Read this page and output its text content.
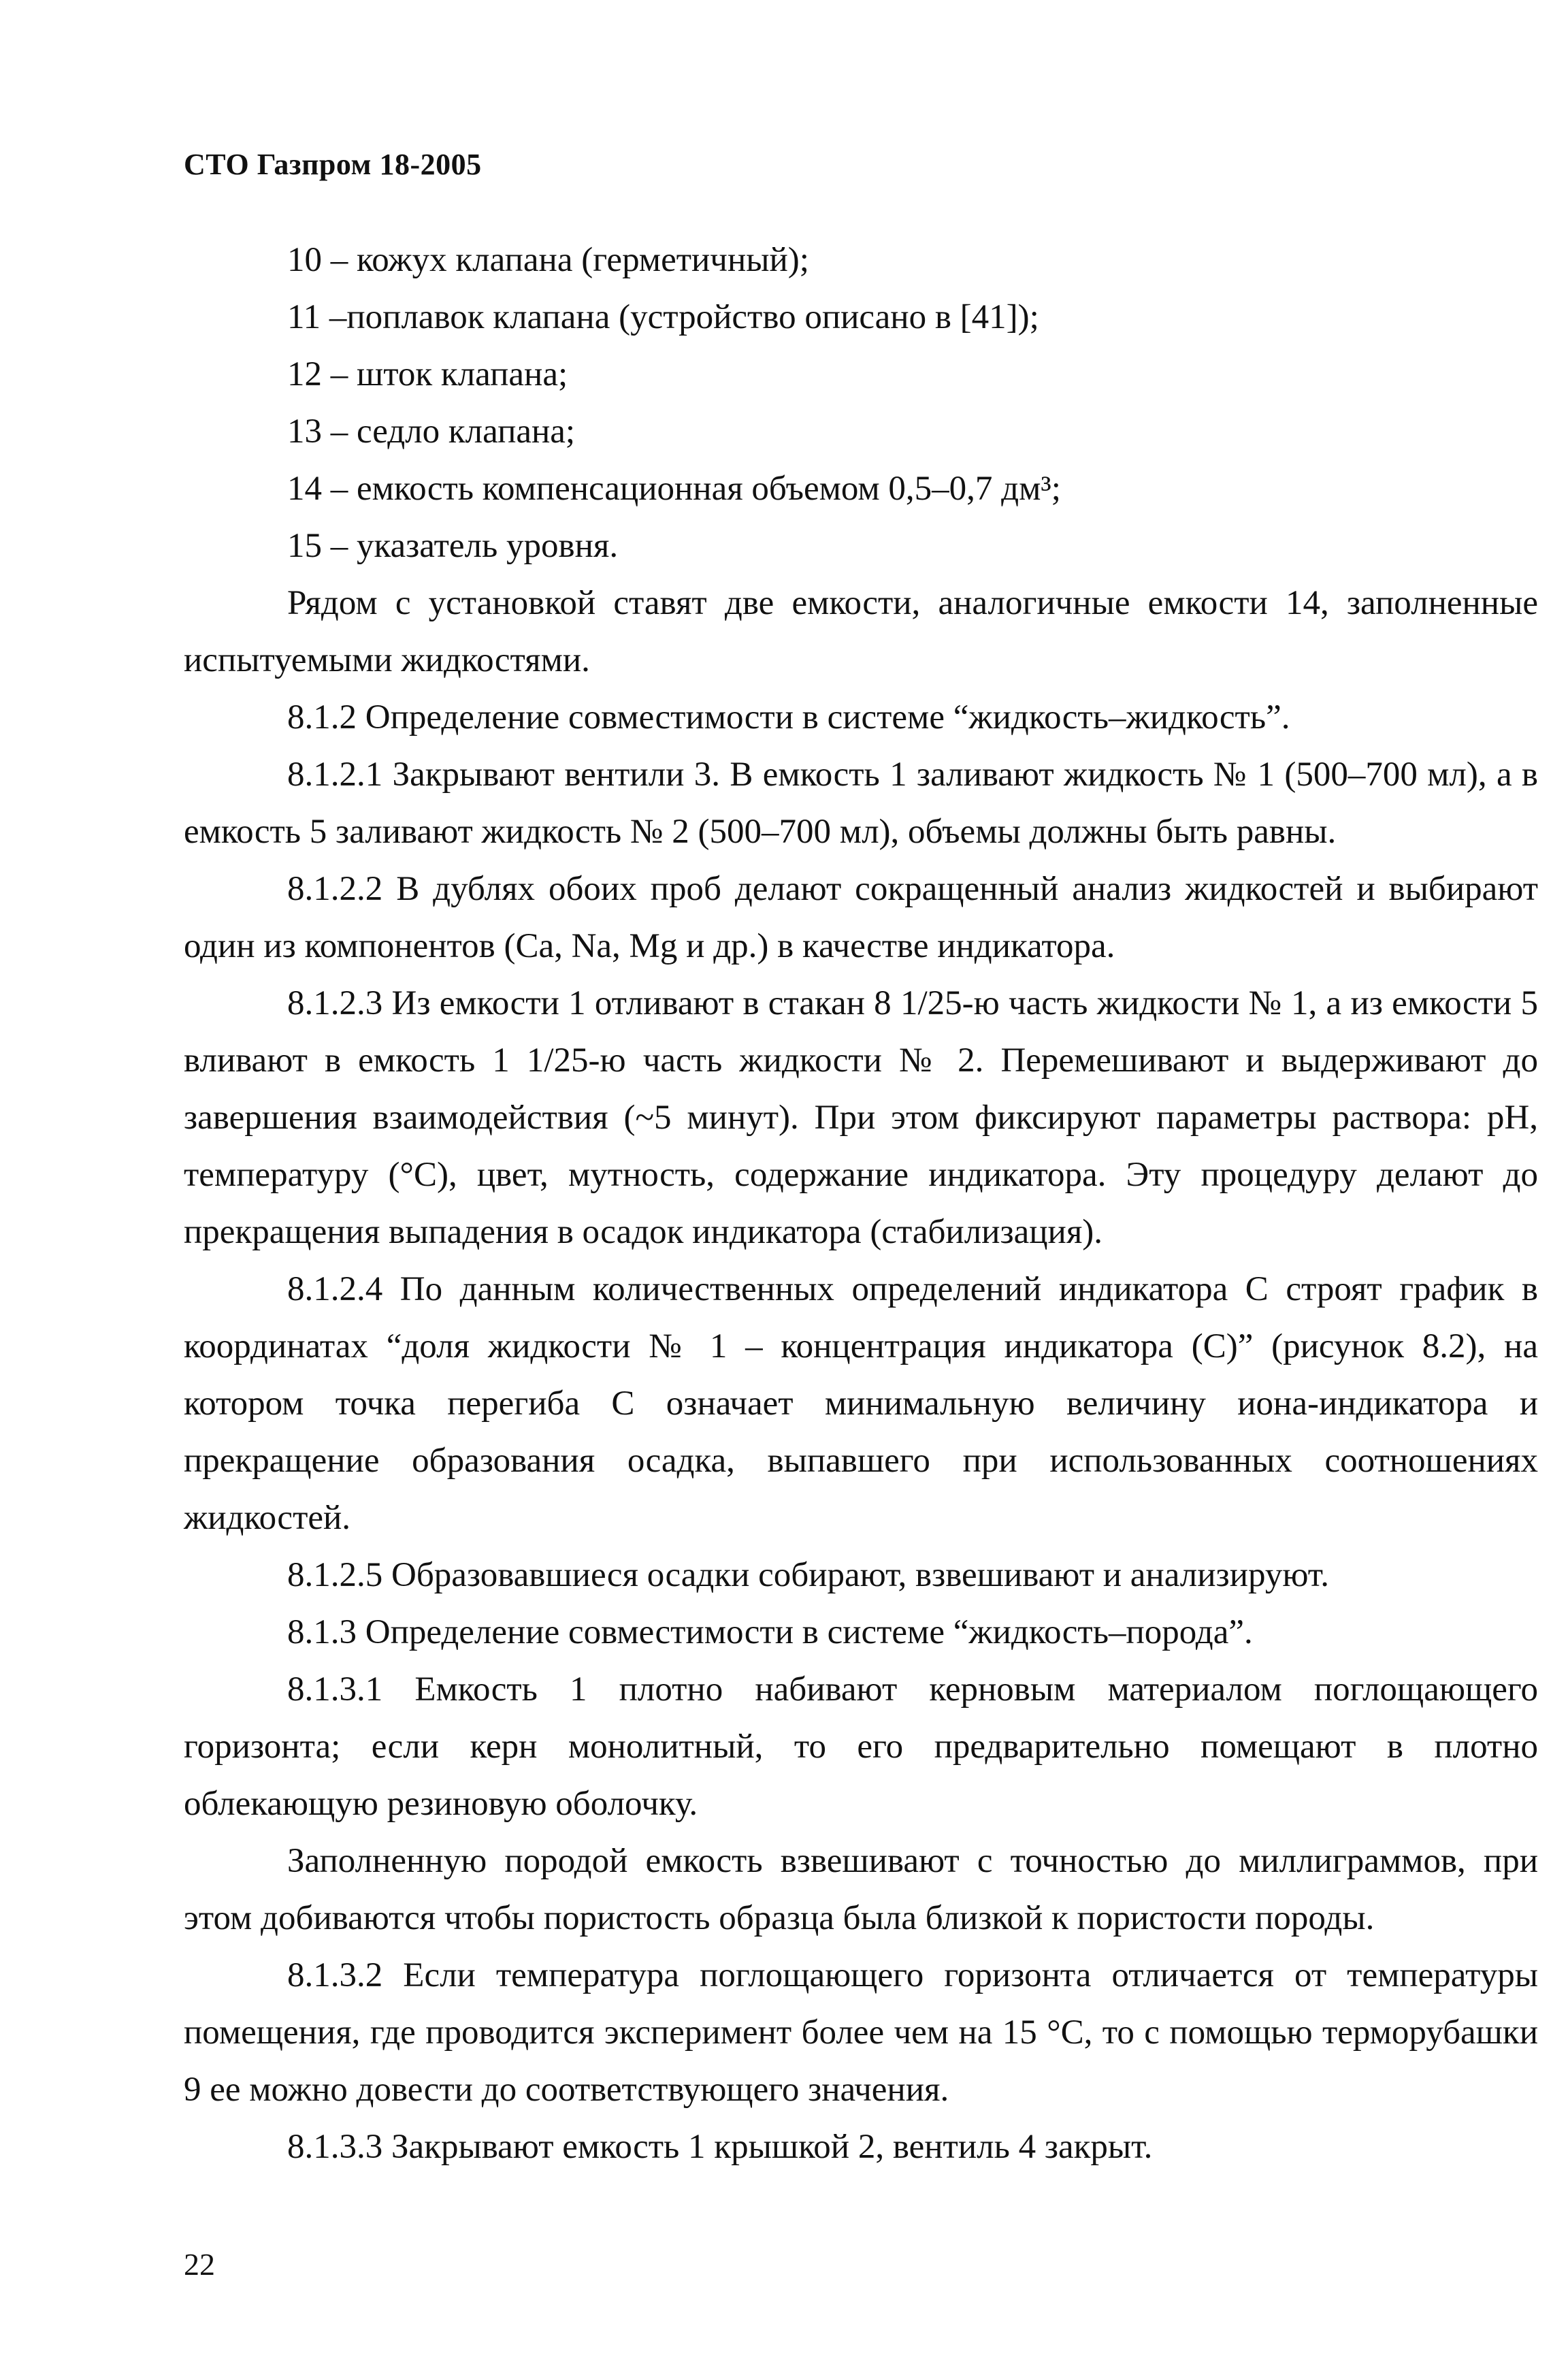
СТО Газпром 18-2005

10 – кожух клапана (герметичный);

11 –поплавок клапана (устройство описано в [41]);

12 – шток клапана;

13 – седло клапана;

14 – емкость компенсационная объемом 0,5–0,7 дм³;

15 – указатель уровня.

Рядом с установкой ставят две емкости, аналогичные емкости 14, заполненные испытуемыми жидкостями.

8.1.2 Определение совместимости в системе “жидкость–жидкость”.

8.1.2.1 Закрывают вентили 3. В емкость 1 заливают жидкость № 1 (500–700 мл), а в емкость 5 заливают жидкость № 2 (500–700 мл), объемы должны быть равны.

8.1.2.2 В дублях обоих проб делают сокращенный анализ жидкостей и выбирают один из компонентов (Са, Na, Mg и др.) в качестве индикатора.

8.1.2.3 Из емкости 1 отливают в стакан 8 1/25-ю часть жидкости № 1, а из емкости 5 вливают в емкость 1 1/25-ю часть жидкости № 2. Перемешивают и выдерживают до завершения взаимодействия (~5 минут). При этом фиксируют параметры раствора: pH, температуру (°С), цвет, мутность, содержание индикатора. Эту процедуру делают до прекращения выпадения в осадок индикатора (стабилизация).

8.1.2.4 По данным количественных определений индикатора С строят график в координатах “доля жидкости № 1 – концентрация индикатора (С)” (рисунок 8.2), на котором точка перегиба С означает минимальную величину иона-индикатора и прекращение образования осадка, выпавшего при использованных соотношениях жидкостей.

8.1.2.5 Образовавшиеся осадки собирают, взвешивают и анализируют.

8.1.3 Определение совместимости в системе “жидкость–порода”.

8.1.3.1 Емкость 1 плотно набивают керновым материалом поглощающего горизонта; если керн монолитный, то его предварительно помещают в плотно облекающую резиновую оболочку.

Заполненную породой емкость взвешивают с точностью до миллиграммов, при этом добиваются чтобы пористость образца была близкой к пористости породы.

8.1.3.2 Если температура поглощающего горизонта отличается от температуры помещения, где проводится эксперимент более чем на 15 °С, то с помощью терморубашки 9 ее можно довести до соответствующего значения.

8.1.3.3 Закрывают емкость 1 крышкой 2, вентиль 4 закрыт.

22
